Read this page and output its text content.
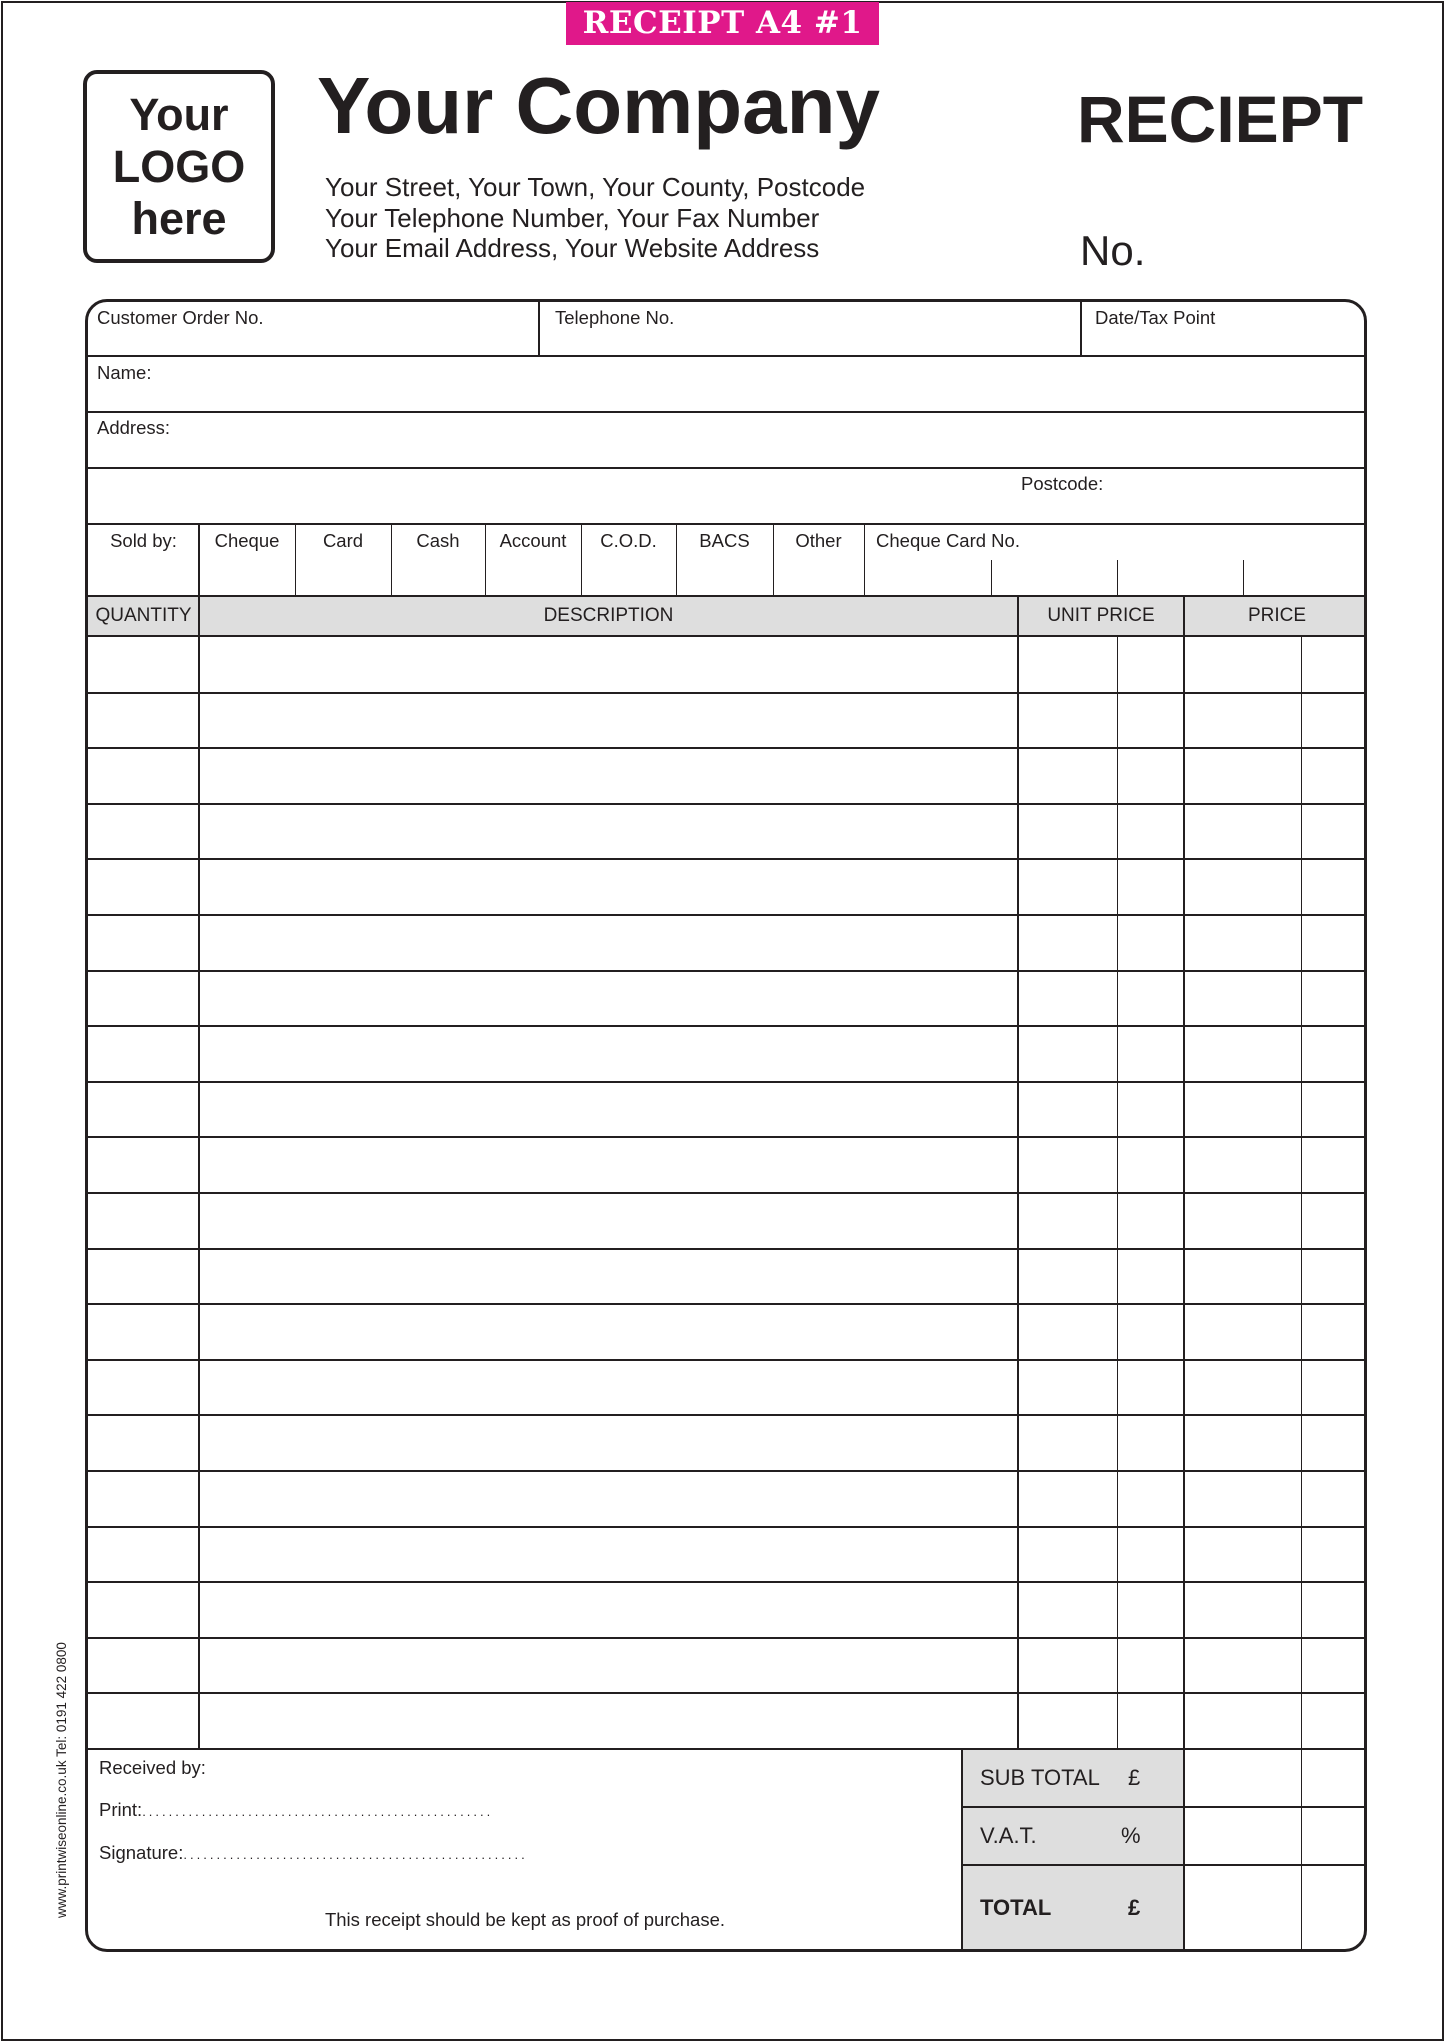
RECEIPT A4 #1
Your
LOGO
here
Your Company
Your Street, Your Town, Your County, Postcode
Your Telephone Number, Your Fax Number
Your Email Address, Your Website Address
RECIEPT
No.
www.printwiseonline.co.uk Tel: 0191 422 0800
Customer Order No.	Telephone No.	Date/Tax Point
Name:
Address:
Postcode:
Sold by:	Cheque	Card	Cash	Account	C.O.D.	BACS	Other	Cheque Card No.
QUANTITY	DESCRIPTION	UNIT PRICE	PRICE
Received by:
Print:. . . . . . . . . . . . . . . . . . . . . . . . . . . . . . . . . . . . . . . . . . . . . . . . . . . . .
Signature:. . . . . . . . . . . . . . . . . . . . . . . . . . . . . . . . . . . . . . . . . . . . . . . . . . . .
This receipt should be kept as proof of purchase.
SUB TOTAL £
V.A.T.	%
TOTAL	£
